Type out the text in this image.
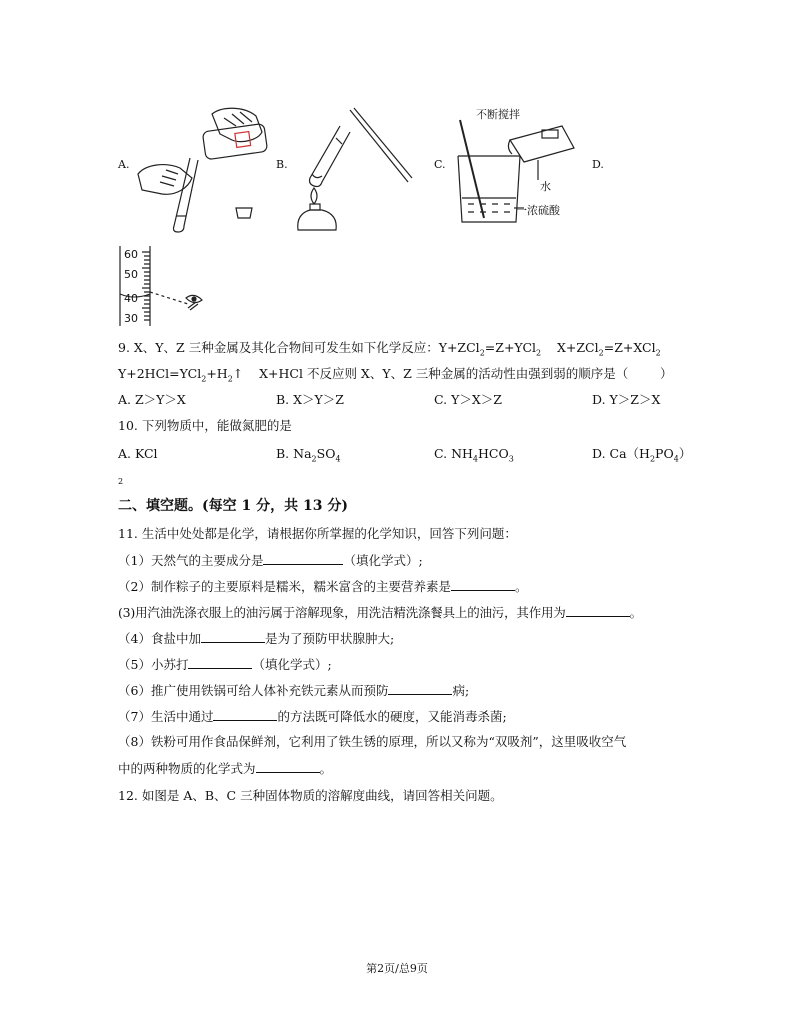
A.	B.	C.	D.
不断搅拌
水
一浓硫酸
60
50
40
30
9. X、Y、Z 三种金属及其化合物间可发生如下化学反应：Y+ZCl$_2$=Z+YCl$_2$    X+ZCl$_2$=Z+XCl$_2$
$Y+2HCl=YCl_2+H_2↑$    X+HCl 不反应则 X、Y、Z 三种金属的活动性由强到弱的顺序是（        ）
A. Z＞Y＞X	B. X＞Y＞Z	C. Y＞X＞Z	D. Y＞Z＞X
10. 下列物质中，能做氮肥的是
A. KCl	B. $Na_2SO_4$	C. $NH_4HCO_3$	D. $Ca(H_2PO_4)$
2
二、填空题。(每空 1 分，共 13 分)
11. 生活中处处都是化学，请根据你所掌握的化学知识，回答下列问题：
（1）天然气的主要成分是	（填化学式）;
（2）制作粽子的主要原料是糯米，糯米富含的主要营养素是	。
(3)用汽油洗涤衣服上的油污属于溶解现象，用洗洁精洗涤餐具上的油污，其作用为	。
（4）食盐中加	是为了预防甲状腺肿大;
（5）小苏打	（填化学式）;
（6）推广使用铁锅可给人体补充铁元素从而预防	病;
（7）生活中通过	的方法既可降低水的硬度，又能消毒杀菌;
（8）铁粉可用作食品保鲜剂，它利用了铁生锈的原理，所以又称为“双吸剂”，这里吸收空气
中的两种物质的化学式为	。
12. 如图是 A、B、C 三种固体物质的溶解度曲线，请回答相关问题。
第2页/总9页
